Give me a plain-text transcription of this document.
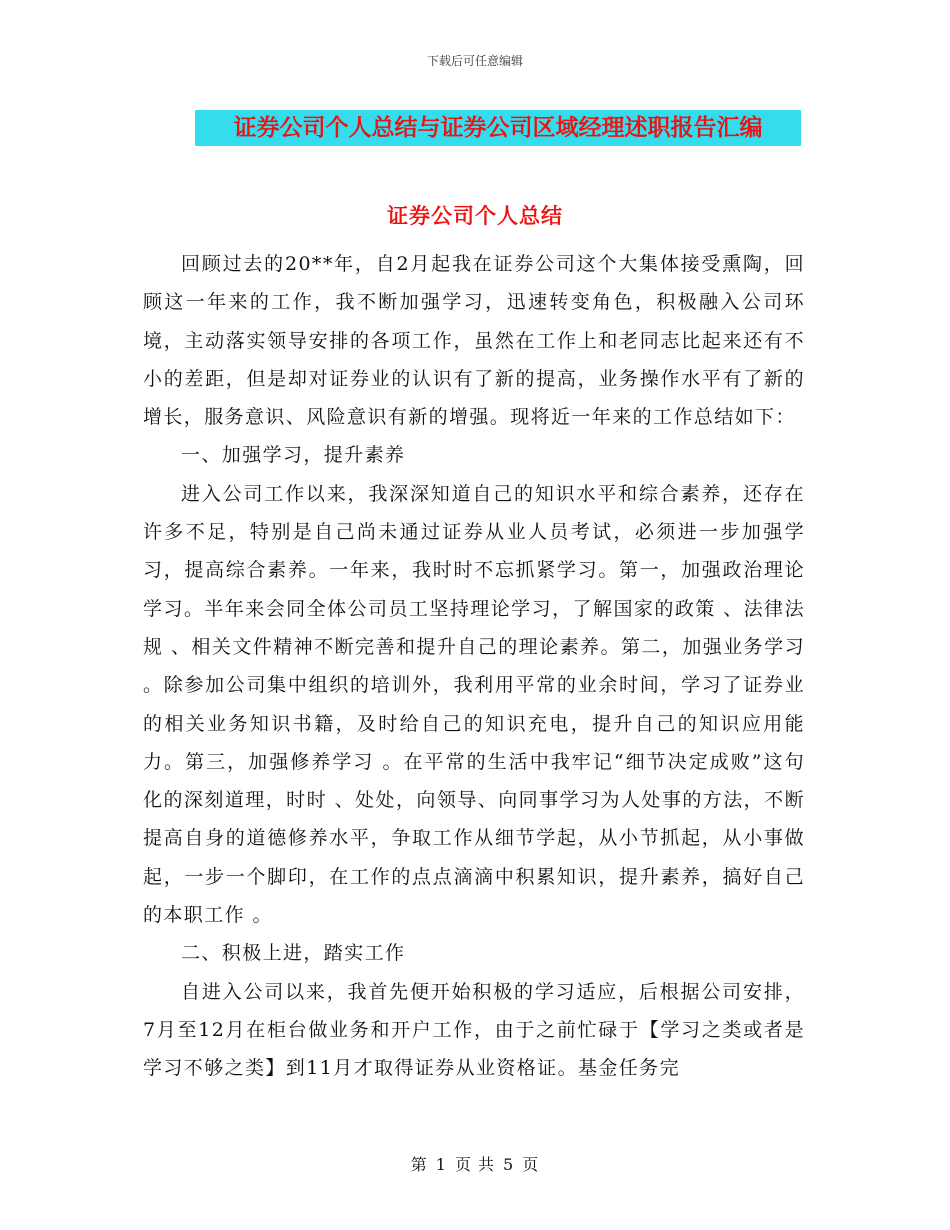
下载后可任意编辑
证券公司个人总结与证券公司区域经理述职报告汇编
证券公司个人总结

回顾过去的20**年，自2月起我在证券公司这个大集体接受熏陶，回顾这一年来的工作，我不断加强学习，迅速转变角色，积极融入公司环境，主动落实领导安排的各项工作，虽然在工作上和老同志比起来还有不小的差距，但是却对证券业的认识有了新的提高，业务操作水平有了新的增长，服务意识、风险意识有新的增强。现将近一年来的工作总结如下：

一、加强学习，提升素养

进入公司工作以来，我深深知道自己的知识水平和综合素养，还存在许多不足，特别是自己尚未通过证券从业人员考试，必须进一步加强学习，提高综合素养。一年来，我时时不忘抓紧学习。第一，加强政治理论学习。半年来会同全体公司员工坚持理论学习，了解国家的政策 、法律法规 、相关文件精神不断完善和提升自己的理论素养。第二，加强业务学习 。除参加公司集中组织的培训外，我利用平常的业余时间，学习了证券业的相关业务知识书籍，及时给自己的知识充电，提升自己的知识应用能力。第三，加强修养学习 。在平常的生活中我牢记“细节决定成败”这句化的深刻道理，时时 、处处，向领导、向同事学习为人处事的方法，不断提高自身的道德修养水平，争取工作从细节学起，从小节抓起，从小事做起，一步一个脚印，在工作的点点滴滴中积累知识，提升素养，搞好自己的本职工作 。

二、积极上进，踏实工作

自进入公司以来，我首先便开始积极的学习适应，后根据公司安排，7月至12月在柜台做业务和开户工作，由于之前忙碌于【学习之类或者是学习不够之类】到11月才取得证券从业资格证。基金任务完

第 1 页 共 5 页
